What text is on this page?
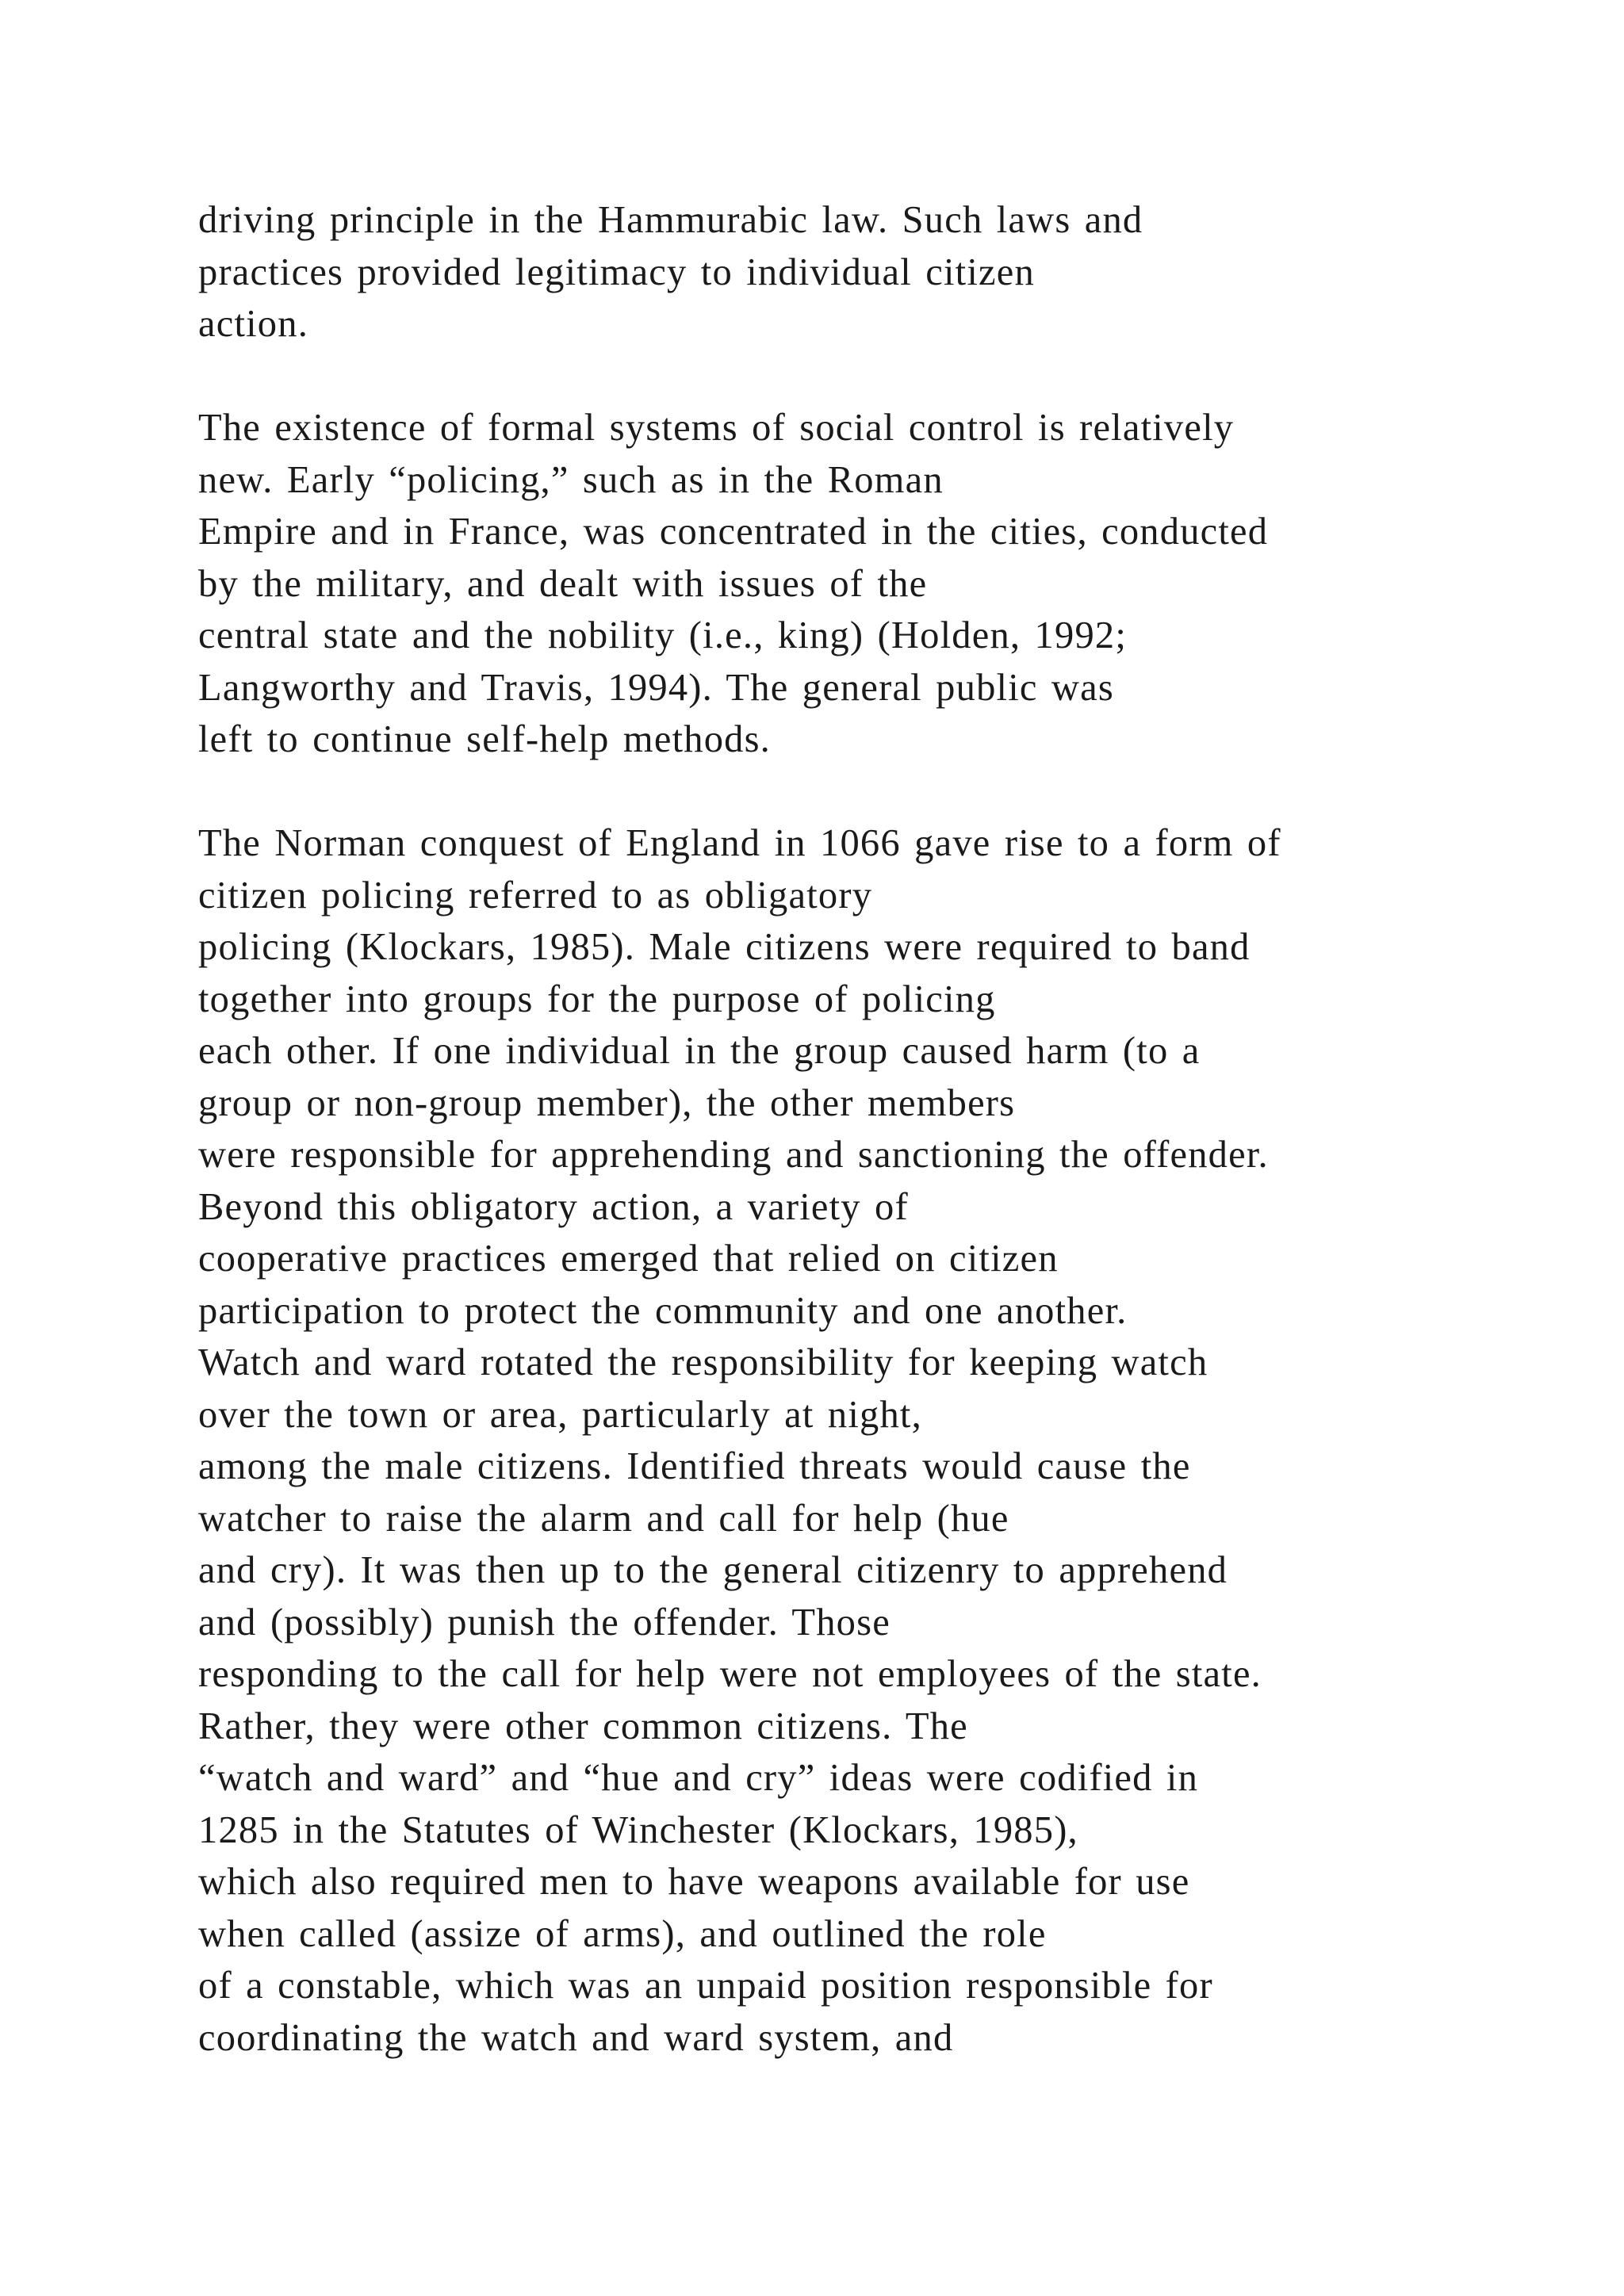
driving principle in the Hammurabic law. Such laws and
practices provided legitimacy to individual citizen
action.
The existence of formal systems of social control is relatively
new. Early “policing,” such as in the Roman
Empire and in France, was concentrated in the cities, conducted
by the military, and dealt with issues of the
central state and the nobility (i.e., king) (Holden, 1992;
Langworthy and Travis, 1994). The general public was
left to continue self-help methods.
The Norman conquest of England in 1066 gave rise to a form of
citizen policing referred to as obligatory
policing (Klockars, 1985). Male citizens were required to band
together into groups for the purpose of policing
each other. If one individual in the group caused harm (to a
group or non-group member), the other members
were responsible for apprehending and sanctioning the offender.
Beyond this obligatory action, a variety of
cooperative practices emerged that relied on citizen
participation to protect the community and one another.
Watch and ward rotated the responsibility for keeping watch
over the town or area, particularly at night,
among the male citizens. Identified threats would cause the
watcher to raise the alarm and call for help (hue
and cry). It was then up to the general citizenry to apprehend
and (possibly) punish the offender. Those
responding to the call for help were not employees of the state.
Rather, they were other common citizens. The
“watch and ward” and “hue and cry” ideas were codified in
1285 in the Statutes of Winchester (Klockars, 1985),
which also required men to have weapons available for use
when called (assize of arms), and outlined the role
of a constable, which was an unpaid position responsible for
coordinating the watch and ward system, and
